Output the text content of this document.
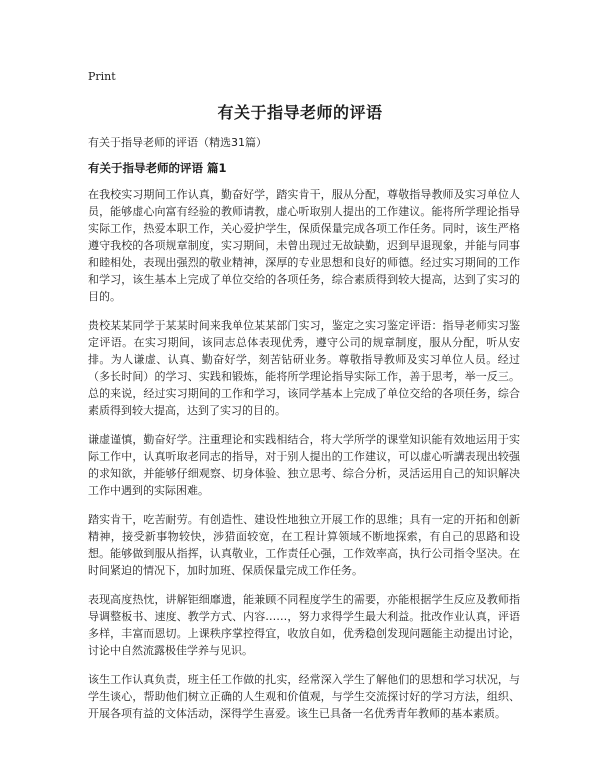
Print
有关于指导老师的评语
有关于指导老师的评语（精选31篇）
有关于指导老师的评语 篇1

在我校实习期间工作认真，勤奋好学，踏实肯干，服从分配，尊敬指导教师及实习单位人员，能够虚心向富有经验的教师请教，虚心听取别人提出的工作建议。能将所学理论指导实际工作，热爱本职工作，关心爱护学生，保质保量完成各项工作任务。同时，该生严格遵守我校的各项规章制度，实习期间，未曾出现过无故缺勤，迟到早退现象，并能与同事和睦相处，表现出强烈的敬业精神，深厚的专业思想和良好的师德。经过实习期间的工作和学习，该生基本上完成了单位交给的各项任务，综合素质得到较大提高，达到了实习的目的。

贵校某某同学于某某时间来我单位某某部门实习，鉴定之实习鉴定评语：指导老师实习鉴定评语。在实习期间，该同志总体表现优秀，遵守公司的规章制度，服从分配，听从安排。为人谦虚、认真、勤奋好学，刻苦钻研业务。尊敬指导教师及实习单位人员。经过（多长时间）的学习、实践和锻炼，能将所学理论指导实际工作，善于思考，举一反三。总的来说，经过实习期间的工作和学习，该同学基本上完成了单位交给的各项任务，综合素质得到较大提高，达到了实习的目的。

谦虚谨慎，勤奋好学。注重理论和实践相结合，将大学所学的课堂知识能有效地运用于实际工作中，认真听取老同志的指导，对于别人提出的工作建议，可以虚心听講表现出较强的求知欲，并能够仔细观察、切身体验、独立思考、综合分析，灵活运用自己的知识解决工作中遇到的实际困难。

踏实肯干，吃苦耐劳。有创造性、建设性地独立开展工作的思维；具有一定的开拓和创新精神，接受新事物较快，涉猎面较宽，在工程计算领域不断地探索，有自己的思路和设想。能够做到服从指挥，认真敬业，工作责任心强，工作效率高，执行公司指令坚决。在时间紧迫的情况下，加时加班、保质保量完成工作任务。

表现高度热忱，讲解钜细靡遗，能兼顾不同程度学生的需要，亦能根据学生反应及教师指导调整板书、速度、教学方式、内容……，努力求得学生最大利益。批改作业认真，评语多样，丰富而恩切。上课秩序掌控得宜，收放自如，优秀稳创发现问题能主动提出讨论，讨论中自然流露极佳学养与见识。

该生工作认真负责，班主任工作做的扎实，经常深入学生了解他们的思想和学习状况，与学生谈心，帮助他们树立正确的人生观和价值观，与学生交流探讨好的学习方法，组织、开展各项有益的文体活动，深得学生喜爱。该生已具备一名优秀青年教师的基本素质。
